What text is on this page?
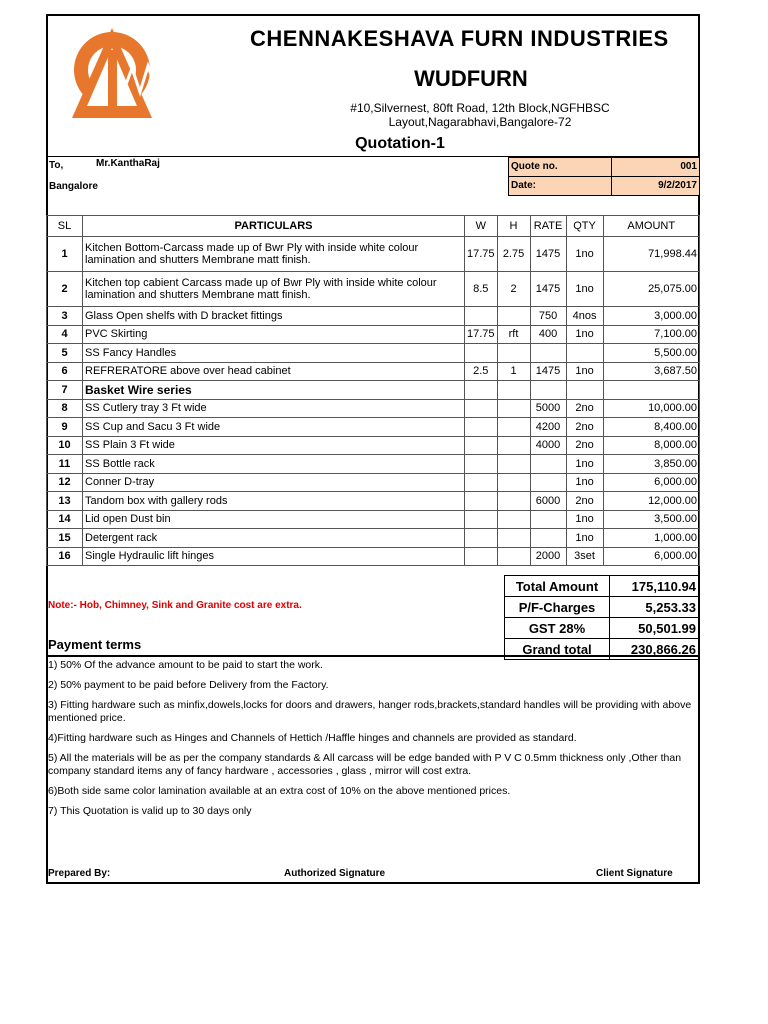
CHENNAKESHAVA FURN INDUSTRIES
WUDFURN
#10,Silvernest, 80ft Road, 12th Block,NGFHBSC
Layout,Nagarabhavi,Bangalore-72
Quotation-1
To,	Mr.KanthaRaj
Bangalore
Quote no.	001
Date:	9/2/2017
SL	PARTICULARS	W	H	RATE	QTY	AMOUNT
1	Kitchen Bottom-Carcass made up of Bwr Ply with inside white colour lamination and shutters Membrane matt finish.	17.75	2.75	1475	1no	71,998.44
2	Kitchen top cabient Carcass made up of Bwr Ply with inside white colour lamination and shutters Membrane matt finish.	8.5	2	1475	1no	25,075.00
3	Glass Open shelfs with D bracket fittings			750	4nos	3,000.00
4	PVC Skirting	17.75	rft	400	1no	7,100.00
5	SS Fancy Handles					5,500.00
6	REFRERATORE above over head cabinet	2.5	1	1475	1no	3,687.50
7	Basket Wire series					
8	SS Cutlery tray 3 Ft wide			5000	2no	10,000.00
9	SS Cup and Sacu 3 Ft wide			4200	2no	8,400.00
10	SS Plain 3 Ft wide			4000	2no	8,000.00
11	SS Bottle rack				1no	3,850.00
12	Conner D-tray				1no	6,000.00
13	Tandom box with gallery rods			6000	2no	12,000.00
14	Lid open Dust bin				1no	3,500.00
15	Detergent rack				1no	1,000.00
16	Single Hydraulic lift hinges			2000	3set	6,000.00
Total Amount	175,110.94
P/F-Charges	5,253.33
GST 28%	50,501.99
Grand total	230,866.26
Note:- Hob, Chimney, Sink and Granite cost are extra.
Payment terms

1) 50% Of the advance amount to be paid to start the work.

2) 50% payment to be paid before Delivery from the Factory.

3) Fitting hardware such as minfix,dowels,locks for doors and drawers, hanger rods,brackets,standard handles will be providing with above mentioned price.

4)Fitting hardware such as Hinges and Channels of Hettich /Haffle hinges and channels are provided as standard.

5) All the materials will be as per the company standards & All carcass will be edge banded with P V C 0.5mm thickness only ,Other than company standard items any of fancy hardware , accessories , glass , mirror will cost extra.

6)Both side same color lamination available at an extra cost of 10% on the above mentioned prices.

7) This Quotation is valid up to 30 days only

Prepared By:	Authorized Signature	Client Signature
